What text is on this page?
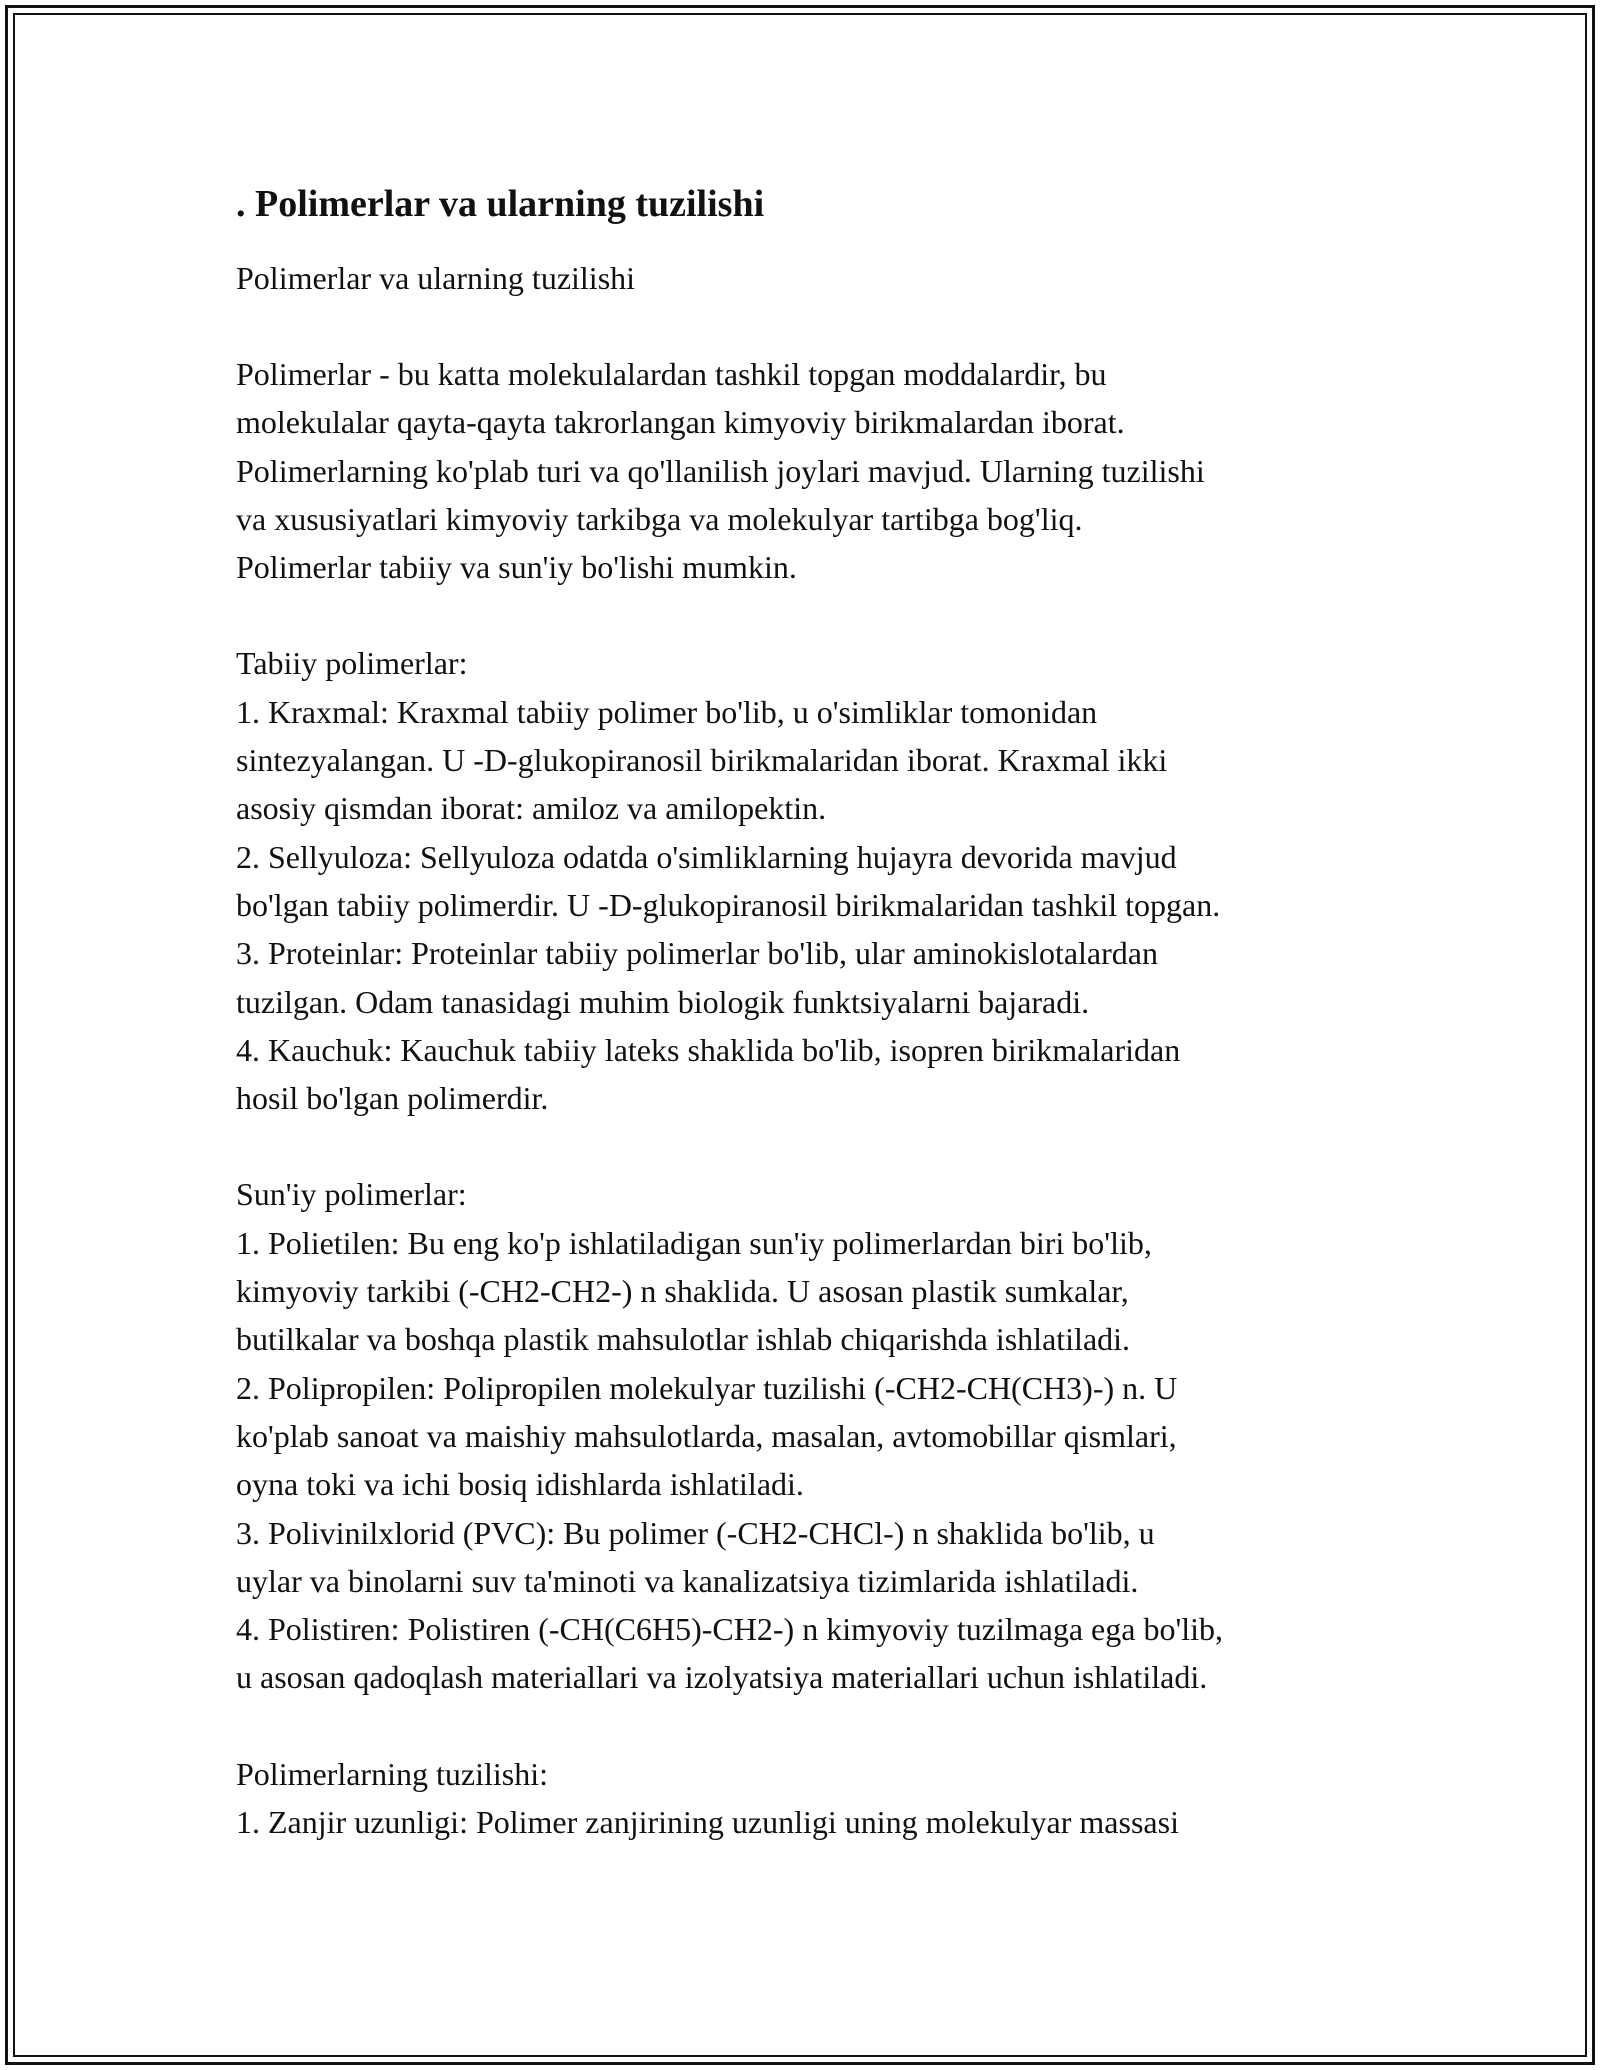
. Polimerlar va ularning tuzilishi

Polimerlar va ularning tuzilishi

Polimerlar - bu katta molekulalardan tashkil topgan moddalardir, bu
molekulalar qayta-qayta takrorlangan kimyoviy birikmalardan iborat.
Polimerlarning ko'plab turi va qo'llanilish joylari mavjud. Ularning tuzilishi
va xususiyatlari kimyoviy tarkibga va molekulyar tartibga bog'liq.
Polimerlar tabiiy va sun'iy bo'lishi mumkin.
Tabiiy polimerlar:
1. Kraxmal: Kraxmal tabiiy polimer bo'lib, u o'simliklar tomonidan
sintezyalangan. U -D-glukopiranosil birikmalaridan iborat. Kraxmal ikki
asosiy qismdan iborat: amiloz va amilopektin.
2. Sellyuloza: Sellyuloza odatda o'simliklarning hujayra devorida mavjud
bo'lgan tabiiy polimerdir. U -D-glukopiranosil birikmalaridan tashkil topgan.
3. Proteinlar: Proteinlar tabiiy polimerlar bo'lib, ular aminokislotalardan
tuzilgan. Odam tanasidagi muhim biologik funktsiyalarni bajaradi.
4. Kauchuk: Kauchuk tabiiy lateks shaklida bo'lib, isopren birikmalaridan
hosil bo'lgan polimerdir.
Sun'iy polimerlar:
1. Polietilen: Bu eng ko'p ishlatiladigan sun'iy polimerlardan biri bo'lib,
kimyoviy tarkibi (-CH2-CH2-) n shaklida. U asosan plastik sumkalar,
butilkalar va boshqa plastik mahsulotlar ishlab chiqarishda ishlatiladi.
2. Polipropilen: Polipropilen molekulyar tuzilishi (-CH2-CH(CH3)-) n. U
ko'plab sanoat va maishiy mahsulotlarda, masalan, avtomobillar qismlari,
oyna toki va ichi bosiq idishlarda ishlatiladi.
3. Polivinilxlorid (PVC): Bu polimer (-CH2-CHCl-) n shaklida bo'lib, u
uylar va binolarni suv ta'minoti va kanalizatsiya tizimlarida ishlatiladi.
4. Polistiren: Polistiren (-CH(C6H5)-CH2-) n kimyoviy tuzilmaga ega bo'lib,
u asosan qadoqlash materiallari va izolyatsiya materiallari uchun ishlatiladi.
Polimerlarning tuzilishi:
1. Zanjir uzunligi: Polimer zanjirining uzunligi uning molekulyar massasi
